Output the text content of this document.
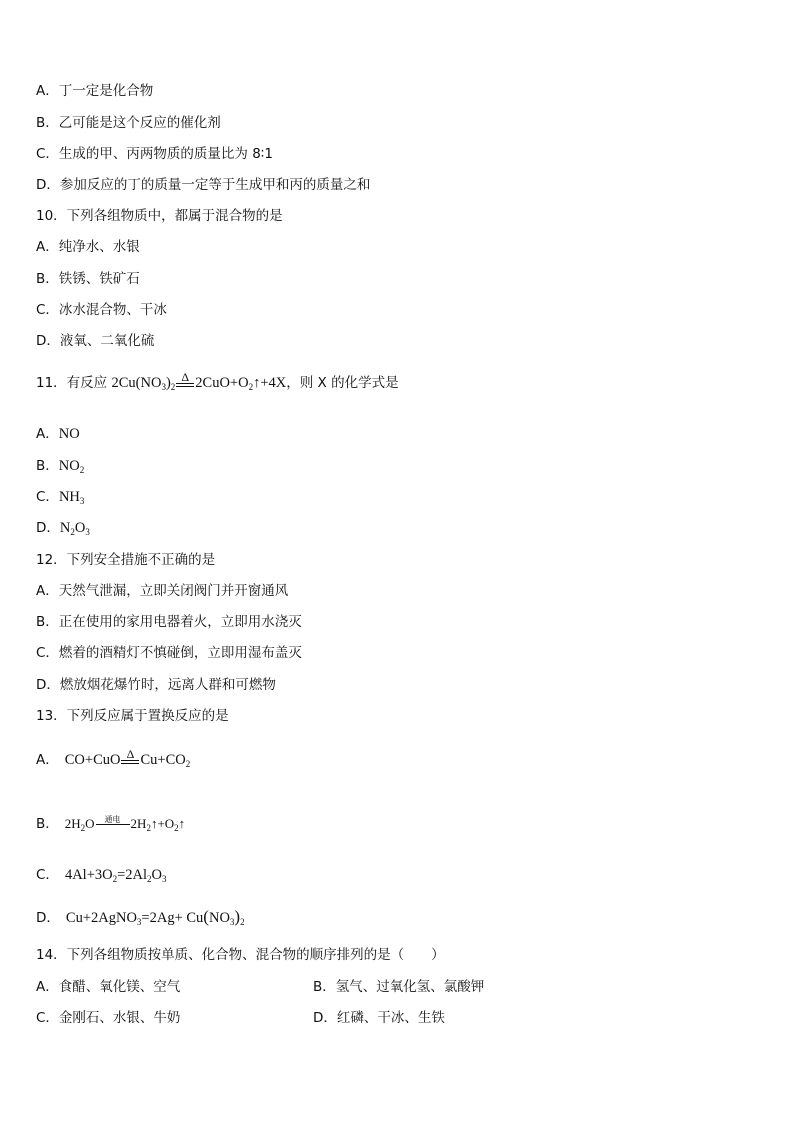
A．丁一定是化合物
B．乙可能是这个反应的催化剂
C．生成的甲、丙两物质的质量比为 8∶1
D．参加反应的丁的质量一定等于生成甲和丙的质量之和
10．下列各组物质中，都属于混合物的是
A．纯净水、水银
B．铁锈、铁矿石
C．冰水混合物、干冰
D．液氧、二氧化硫
11．有反应 $2Cu(NO_3)_2$
Δ $2CuO+O_2↑+4X$，则 X 的化学式是
A．NO
B．$NO_2$
C．$NH_3$
D．$N_2O_3$
12．下列安全措施不正确的是
A．天然气泄漏，立即关闭阀门并开窗通风
B．正在使用的家用电器着火，立即用水浇灭
C．燃着的酒精灯不慎碰倒，立即用湿布盖灭
D．燃放烟花爆竹时，远离人群和可燃物
13．下列反应属于置换反应的是
A． CO+CuO Δ $Cu+CO_2$
B． $2H_2O$ 通电 $2H_2↑+O_2↑$
C． $4Al+3O_2=2Al_2O_3$
D． Cu+2AgNO$_3$=2Ag+ $Cu(NO_3)_2$
14．下列各组物质按单质、化合物、混合物的顺序排列的是（　　）
A．食醋、氧化镁、空气	B．氢气、过氧化氢、氯酸钾
C．金刚石、水银、牛奶	D．红磷、干冰、生铁
